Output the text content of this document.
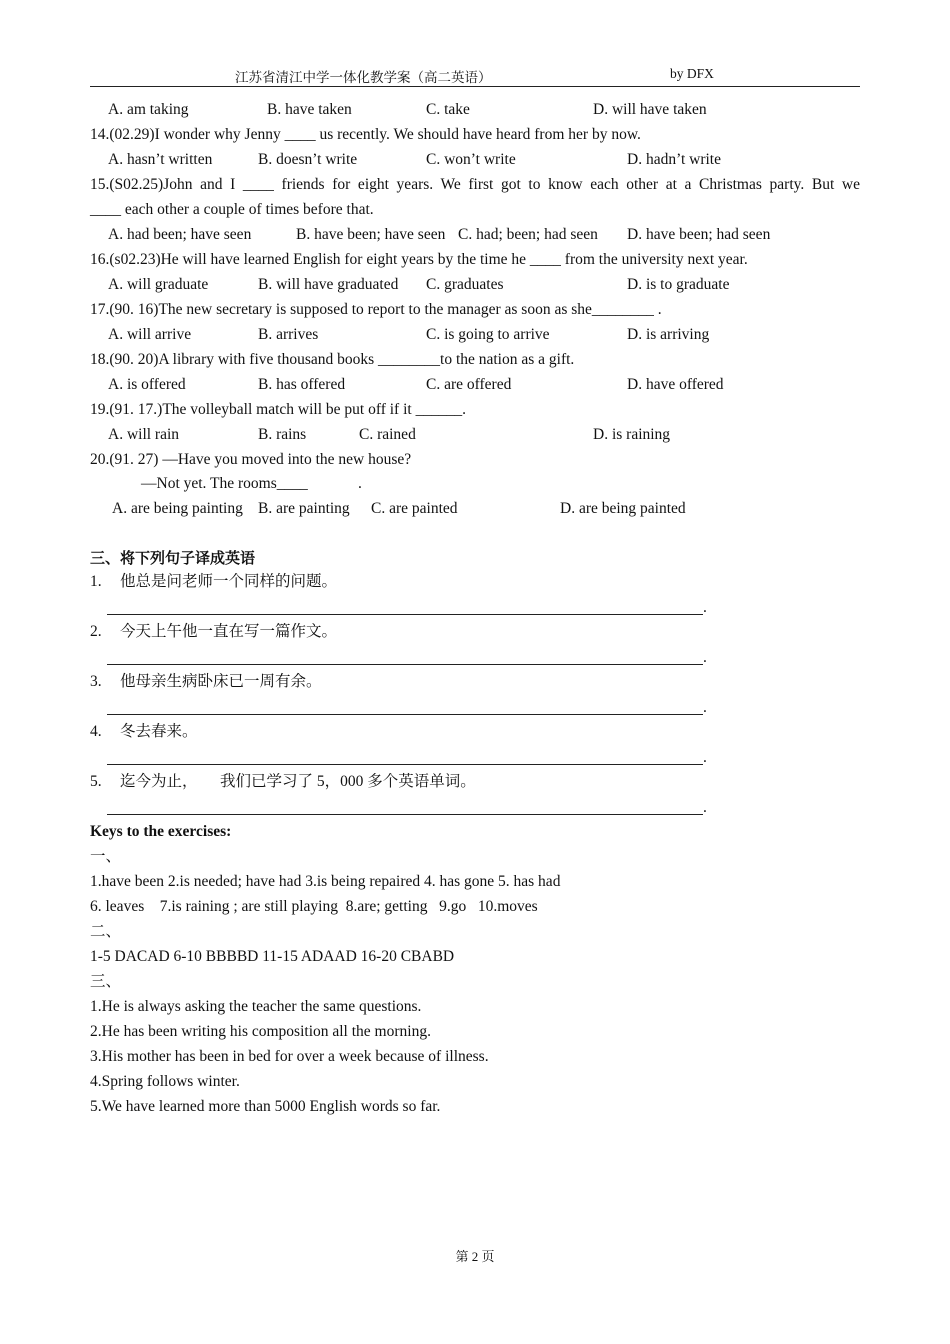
江苏省清江中学一体化教学案（高二英语）	by DFX
A. am taking	B. have taken	C. take	D. will have taken
14.(02.29)I wonder why Jenny ____ us recently. We should have heard from her by now.
A. hasn’t written	B. doesn’t write	C. won’t write	D. hadn’t write
15.(S02.25)John and I ____ friends for eight years. We first got to know each other at a Christmas party. But we
____ each other a couple of times before that.
A. had been; have seen	B. have been; have seen C. had; been; had seen D. have been; had seen
16.(s02.23)He will have learned English for eight years by the time he ____ from the university next year.
A. will graduate	B. will have graduated C. graduates	D. is to graduate
17.(90. 16)The new secretary is supposed to report to the manager as soon as she________ .
A. will arrive	B. arrives	C. is going to arrive	D. is arriving
18.(90. 20)A library with five thousand books ________to the nation as a gift.
A. is offered	B. has offered	C. are offered	D. have offered
19.(91. 17.)The volleyball match will be put off if it ______.
A. will rain	B. rains	C. rained	D. is raining
20.(91. 27) —Have you moved into the new house?
—Not yet. The rooms____	.
A. are being painting B. are painting C. are painted	D. are being painted
三、将下列句子译成英语
1. 他总是问老师一个同样的问题。
.
2. 今天上午他一直在写一篇作文。
.
3. 他母亲生病卧床已一周有余。
.
4. 冬去春来。
.
5. 迄今为止， 我们已学习了 5，000 多个英语单词。
.
Keys to the exercises:
一、
1.have been 2.is needed; have had 3.is being repaired 4. has gone 5. has had
6. leaves    7.is raining ; are still playing  8.are; getting   9.go   10.moves
二、
1-5 DACAD 6-10 BBBBD 11-15 ADAAD 16-20 CBABD
三、
1.He is always asking the teacher the same questions.
2.He has been writing his composition all the morning.
3.His mother has been in bed for over a week because of illness.
4.Spring follows winter.
5.We have learned more than 5000 English words so far.
第 2 页
